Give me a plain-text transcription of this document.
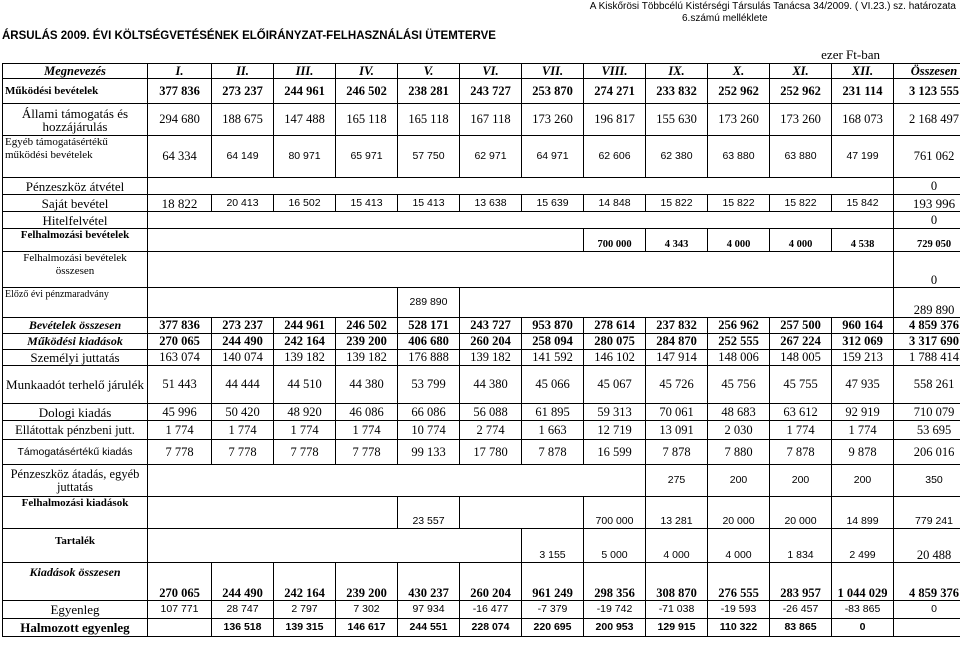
A Kiskőrösi Többcélú Kistérségi Társulás Tanácsa 34/2009. ( VI.23.) sz. határozata
6.számú melléklete
ÁRSULÁS 2009. ÉVI KÖLTSÉGVETÉSÉNEK ELŐIRÁNYZAT-FELHASZNÁLÁSI ÜTEMTERVE
ezer Ft-ban
Megnevezés	I.	II.	III.	IV.	V.	VI.	VII.	VIII.	IX.	X.	XI.	XII.	Összesen	
Működési bevételek	377 836	273 237	244 961	246 502	238 281	243 727	253 870	274 271	233 832	252 962	252 962	231 114	3 123 555	
Állami támogatás és hozzájárulás	294 680	188 675	147 488	165 118	165 118	167 118	173 260	196 817	155 630	173 260	173 260	168 073	2 168 497	
Egyéb támogatásértékű működési bevételek	64 334	64 149	80 971	65 971	57 750	62 971	64 971	62 606	62 380	63 880	63 880	47 199	761 062	
Pénzeszköz átvétel													0	
Saját bevétel	18 822	20 413	16 502	15 413	15 413	13 638	15 639	14 848	15 822	15 822	15 822	15 842	193 996	
Hitelfelvétel													0	
Felhalmozási bevételek								700 000	4 343	4 000	4 000	4 538	729 050	
Felhalmozási bevételek összesen													0	
Előző évi pénzmaradvány					289 890								289 890	
Bevételek összesen	377 836	273 237	244 961	246 502	528 171	243 727	953 870	278 614	237 832	256 962	257 500	960 164	4 859 376	
Működési kiadások	270 065	244 490	242 164	239 200	406 680	260 204	258 094	280 075	284 870	252 555	267 224	312 069	3 317 690	
Személyi juttatás	163 074	140 074	139 182	139 182	176 888	139 182	141 592	146 102	147 914	148 006	148 005	159 213	1 788 414	
Munkaadót terhelő járulék	51 443	44 444	44 510	44 380	53 799	44 380	45 066	45 067	45 726	45 756	45 755	47 935	558 261	
Dologi kiadás	45 996	50 420	48 920	46 086	66 086	56 088	61 895	59 313	70 061	48 683	63 612	92 919	710 079	
Ellátottak pénzbeni jutt.	1 774	1 774	1 774	1 774	10 774	2 774	1 663	12 719	13 091	2 030	1 774	1 774	53 695	
Támogatásértékű kiadás	7 778	7 778	7 778	7 778	99 133	17 780	7 878	16 599	7 878	7 880	7 878	9 878	206 016	
Pénzeszköz átadás, egyéb juttatás									275	200	200	200	350	
Felhalmozási kiadások					23 557			700 000	13 281	20 000	20 000	14 899	779 241	
Tartalék							3 155	5 000	4 000	4 000	1 834	2 499	20 488	
Kiadások összesen	270 065	244 490	242 164	239 200	430 237	260 204	961 249	298 356	308 870	276 555	283 957	1 044 029	4 859 376	
Egyenleg	107 771	28 747	2 797	7 302	97 934	-16 477	-7 379	-19 742	-71 038	-19 593	-26 457	-83 865	0	
Halmozott egyenleg		136 518	139 315	146 617	244 551	228 074	220 695	200 953	129 915	110 322	83 865	0		
